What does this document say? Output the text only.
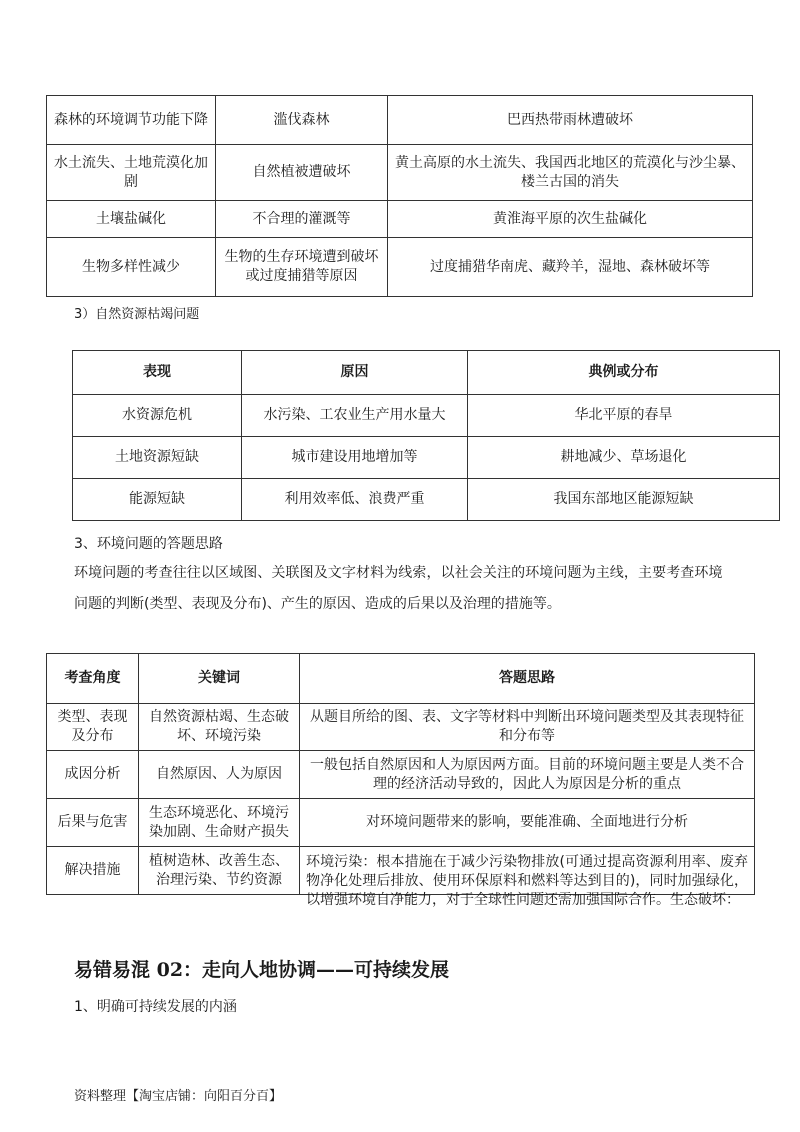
森林的环境调节功能下降	滥伐森林	巴西热带雨林遭破坏
水土流失、土地荒漠化加剧	自然植被遭破坏	黄土高原的水土流失、我国西北地区的荒漠化与沙尘暴、楼兰古国的消失
土壤盐碱化	不合理的灌溉等	黄淮海平原的次生盐碱化
生物多样性减少	生物的生存环境遭到破坏或过度捕猎等原因	过度捕猎华南虎、藏羚羊，湿地、森林破坏等
3）自然资源枯竭问题
表现	原因	典例或分布
水资源危机	水污染、工农业生产用水量大	华北平原的春旱
土地资源短缺	城市建设用地增加等	耕地减少、草场退化
能源短缺	利用效率低、浪费严重	我国东部地区能源短缺
3、环境问题的答题思路
环境问题的考查往往以区域图、关联图及文字材料为线索，以社会关注的环境问题为主线，主要考查环境
问题的判断(类型、表现及分布)、产生的原因、造成的后果以及治理的措施等。
考查角度	关键词	答题思路
类型、表现及分布	自然资源枯竭、生态破坏、环境污染	从题目所给的图、表、文字等材料中判断出环境问题类型及其表现特征和分布等
成因分析	自然原因、人为原因	一般包括自然原因和人为原因两方面。目前的环境问题主要是人类不合理的经济活动导致的，因此人为原因是分析的重点
后果与危害	生态环境恶化、环境污染加剧、生命财产损失	对环境问题带来的影响，要能准确、全面地进行分析
解决措施	植树造林、改善生态、治理污染、节约资源	环境污染：根本措施在于减少污染物排放(可通过提高资源利用率、废弃物净化处理后排放、使用环保原料和燃料等达到目的)，同时加强绿化，以增强环境自净能力，对于全球性问题还需加强国际合作。生态破坏：
易错易混 02：走向人地协调——可持续发展
1、明确可持续发展的内涵
资料整理【淘宝店铺：向阳百分百】
